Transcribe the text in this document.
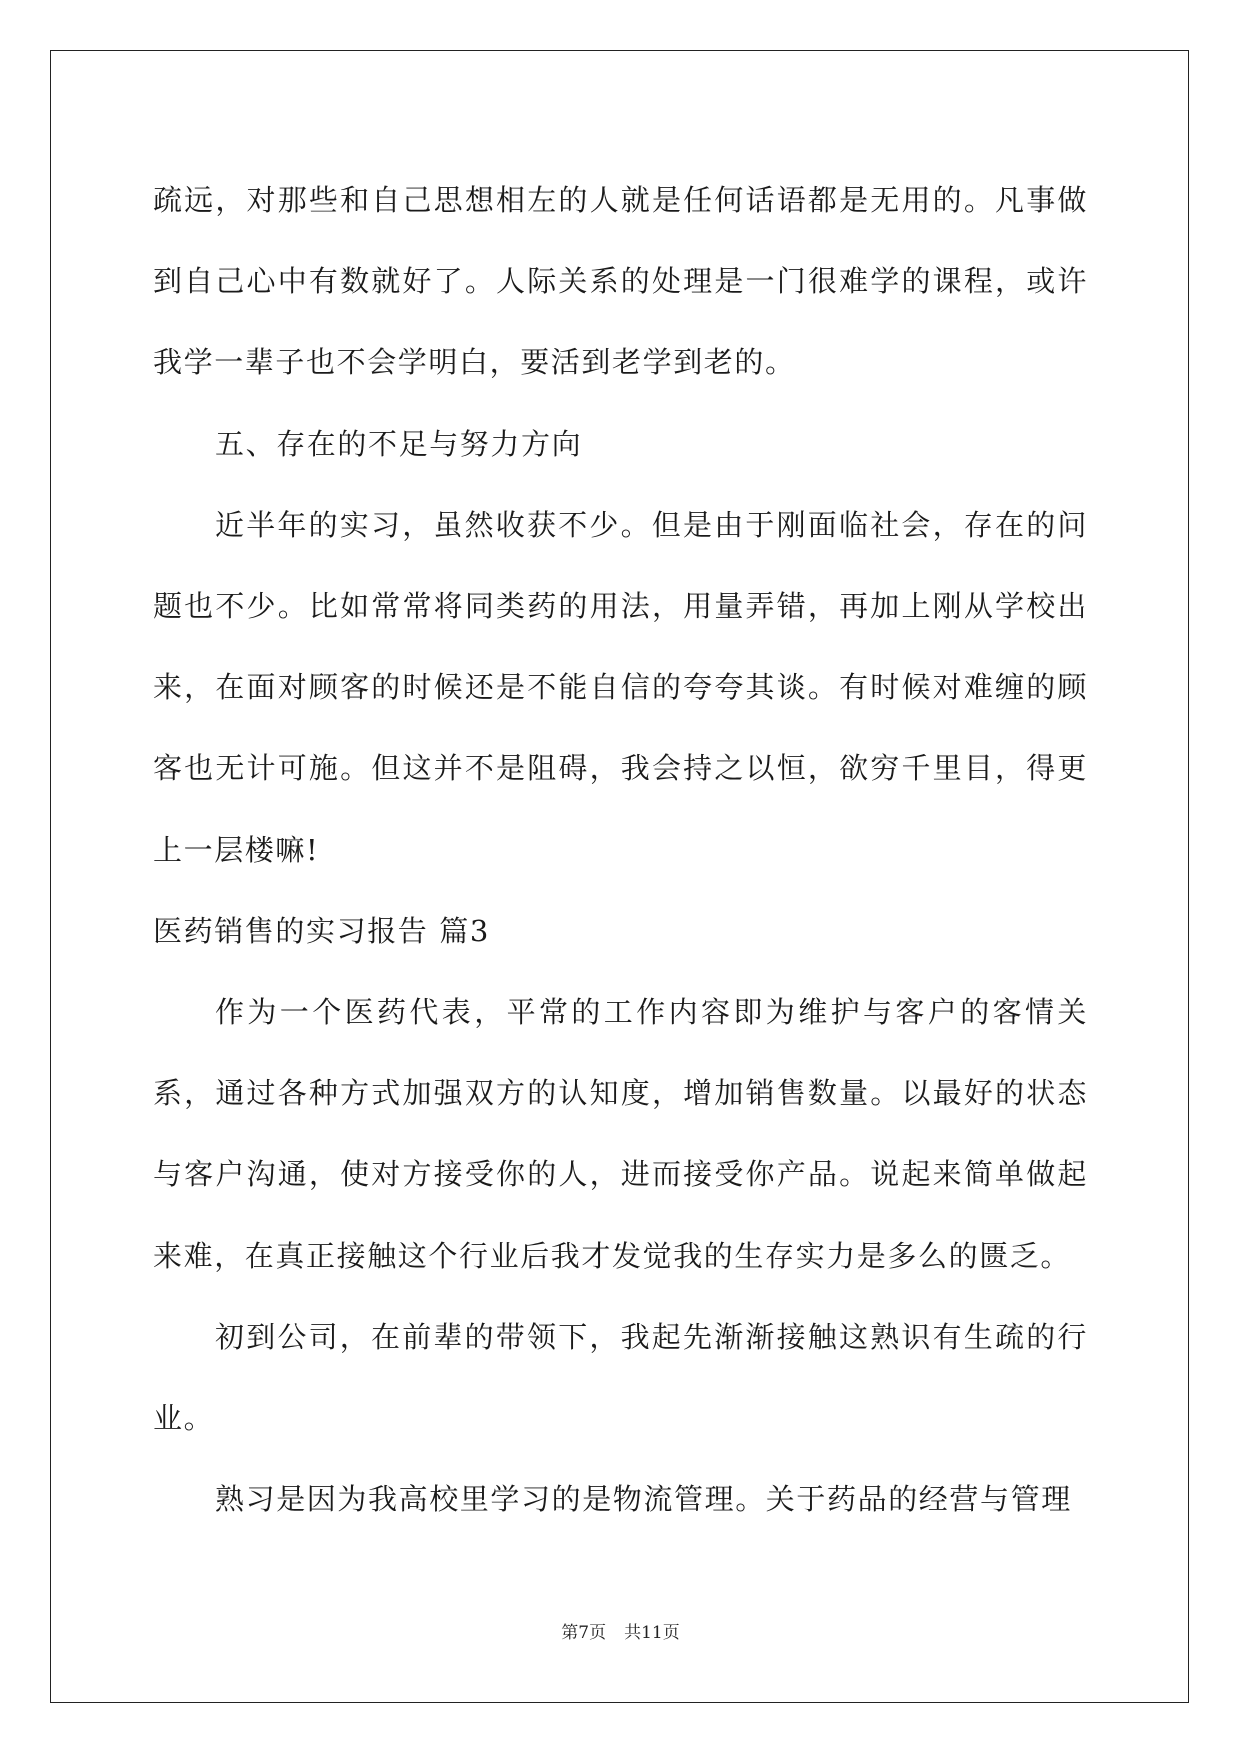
疏远，对那些和自己思想相左的人就是任何话语都是无用的。凡事做到自己心中有数就好了。人际关系的处理是一门很难学的课程，或许我学一辈子也不会学明白，要活到老学到老的。

五、存在的不足与努力方向

近半年的实习，虽然收获不少。但是由于刚面临社会，存在的问题也不少。比如常常将同类药的用法，用量弄错，再加上刚从学校出来，在面对顾客的时候还是不能自信的夸夸其谈。有时候对难缠的顾客也无计可施。但这并不是阻碍，我会持之以恒，欲穷千里目，得更上一层楼嘛!

医药销售的实习报告 篇3

作为一个医药代表，平常的工作内容即为维护与客户的客情关系，通过各种方式加强双方的认知度，增加销售数量。以最好的状态与客户沟通，使对方接受你的人，进而接受你产品。说起来简单做起来难，在真正接触这个行业后我才发觉我的生存实力是多么的匮乏。

初到公司，在前辈的带领下，我起先渐渐接触这熟识有生疏的行业。

熟习是因为我高校里学习的是物流管理。关于药品的经营与管理

第7页 共11页
